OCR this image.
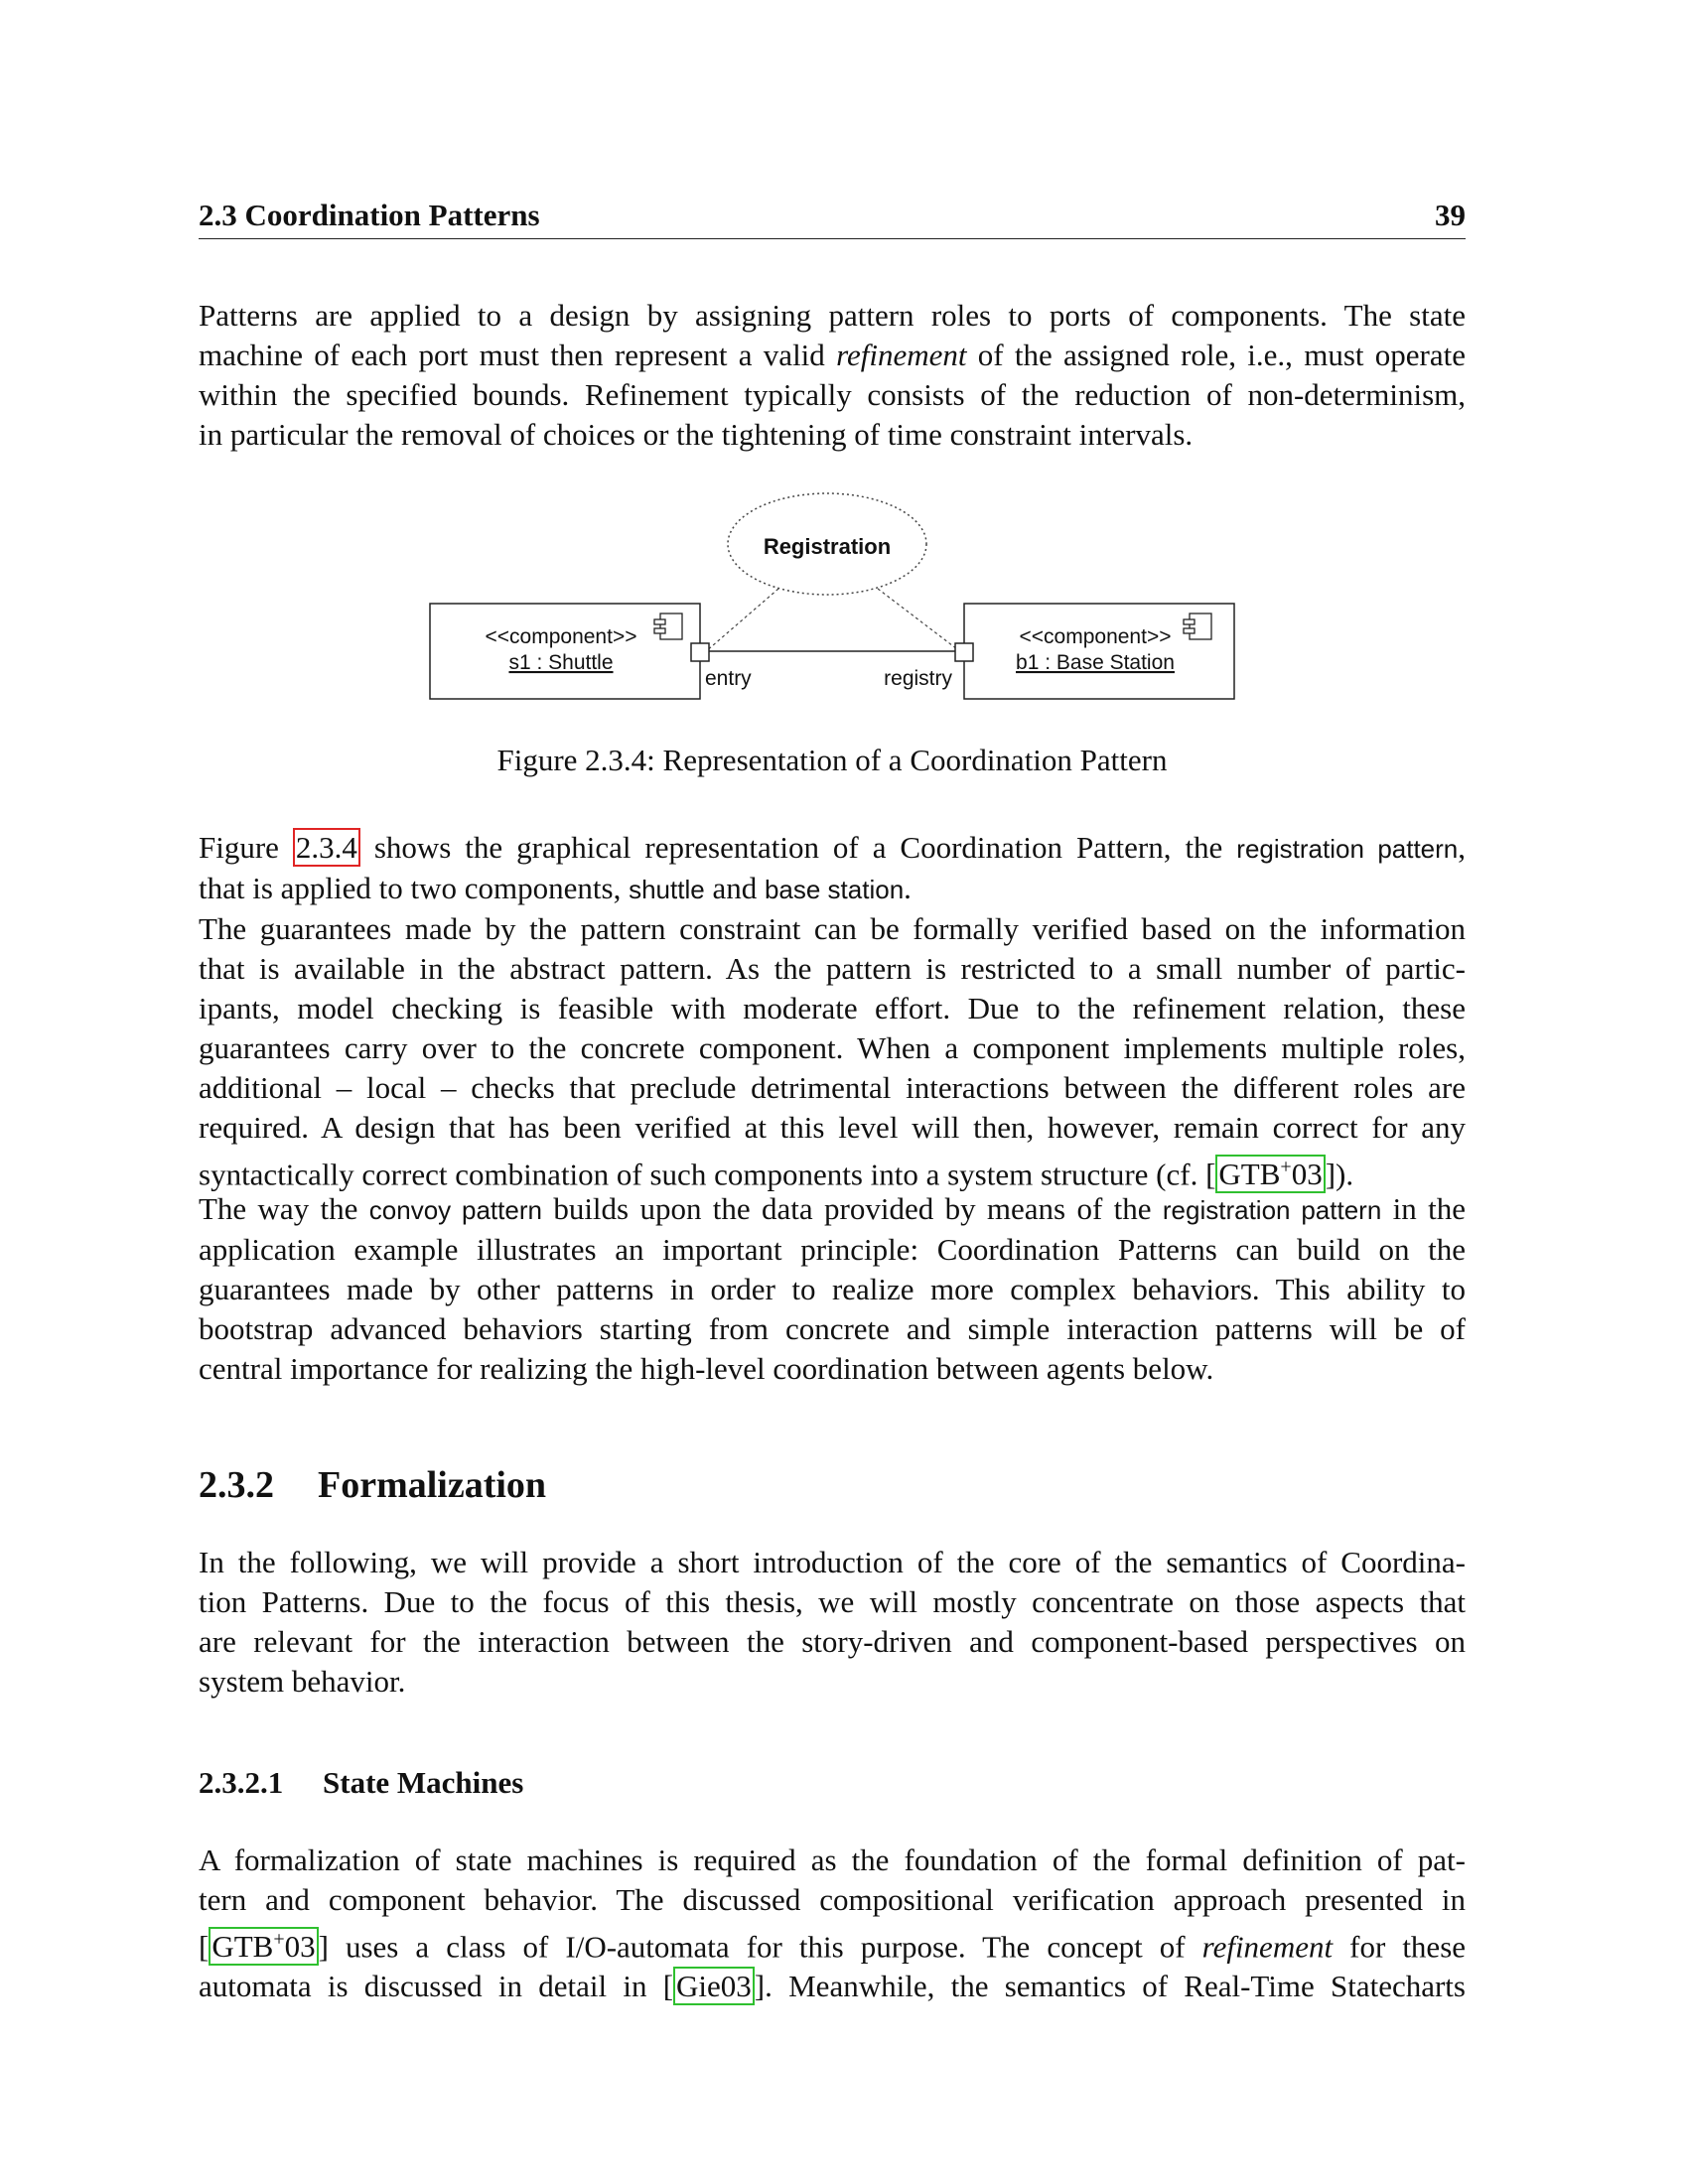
2.3 Coordination Patterns	39
Patterns are applied to a design by assigning pattern roles to ports of components. The state
machine of each port must then represent a valid refinement of the assigned role, i.e., must operate
within the specified bounds. Refinement typically consists of the reduction of non-determinism,
in particular the removal of choices or the tightening of time constraint intervals.
Registration
<<component>>
s1 : Shuttle
<<component>>
b1 : Base Station
entry	registry
Figure 2.3.4: Representation of a Coordination Pattern
Figure 2.3.4 shows the graphical representation of a Coordination Pattern, the registration pattern,
that is applied to two components, shuttle and base station.
The guarantees made by the pattern constraint can be formally verified based on the information
that is available in the abstract pattern. As the pattern is restricted to a small number of partic-
ipants, model checking is feasible with moderate effort. Due to the refinement relation, these
guarantees carry over to the concrete component. When a component implements multiple roles,
additional – local – checks that preclude detrimental interactions between the different roles are
required. A design that has been verified at this level will then, however, remain correct for any
syntactically correct combination of such components into a system structure (cf. [GTB+03]).
The way the convoy pattern builds upon the data provided by means of the registration pattern in the
application example illustrates an important principle: Coordination Patterns can build on the
guarantees made by other patterns in order to realize more complex behaviors. This ability to
bootstrap advanced behaviors starting from concrete and simple interaction patterns will be of
central importance for realizing the high-level coordination between agents below.
2.3.2 Formalization
In the following, we will provide a short introduction of the core of the semantics of Coordina-
tion Patterns. Due to the focus of this thesis, we will mostly concentrate on those aspects that
are relevant for the interaction between the story-driven and component-based perspectives on
system behavior.
2.3.2.1 State Machines
A formalization of state machines is required as the foundation of the formal definition of pat-
tern and component behavior. The discussed compositional verification approach presented in
[GTB+03] uses a class of I/O-automata for this purpose. The concept of refinement for these
automata is discussed in detail in [Gie03]. Meanwhile, the semantics of Real-Time Statecharts
